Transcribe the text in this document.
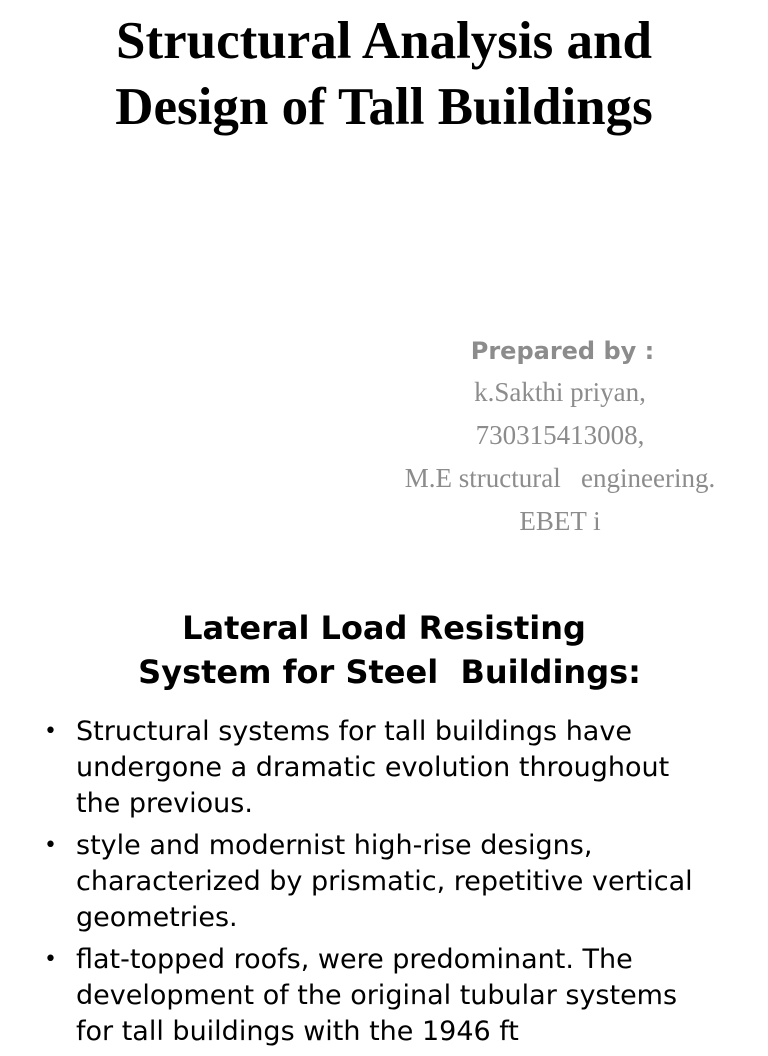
Structural Analysis and
Design of Tall Buildings
Prepared by :
k.Sakthi priyan,
730315413008,
M.E structural   engineering.
EBET i
Lateral Load Resisting
System for Steel  Buildings:
• Structural systems for tall buildings have undergone a dramatic evolution throughout the previous.
• style and modernist high-rise designs, characterized by prismatic, repetitive vertical geometries.
• flat-topped roofs, were predominant. The development of the original tubular systems for tall buildings with the 1946 ft
